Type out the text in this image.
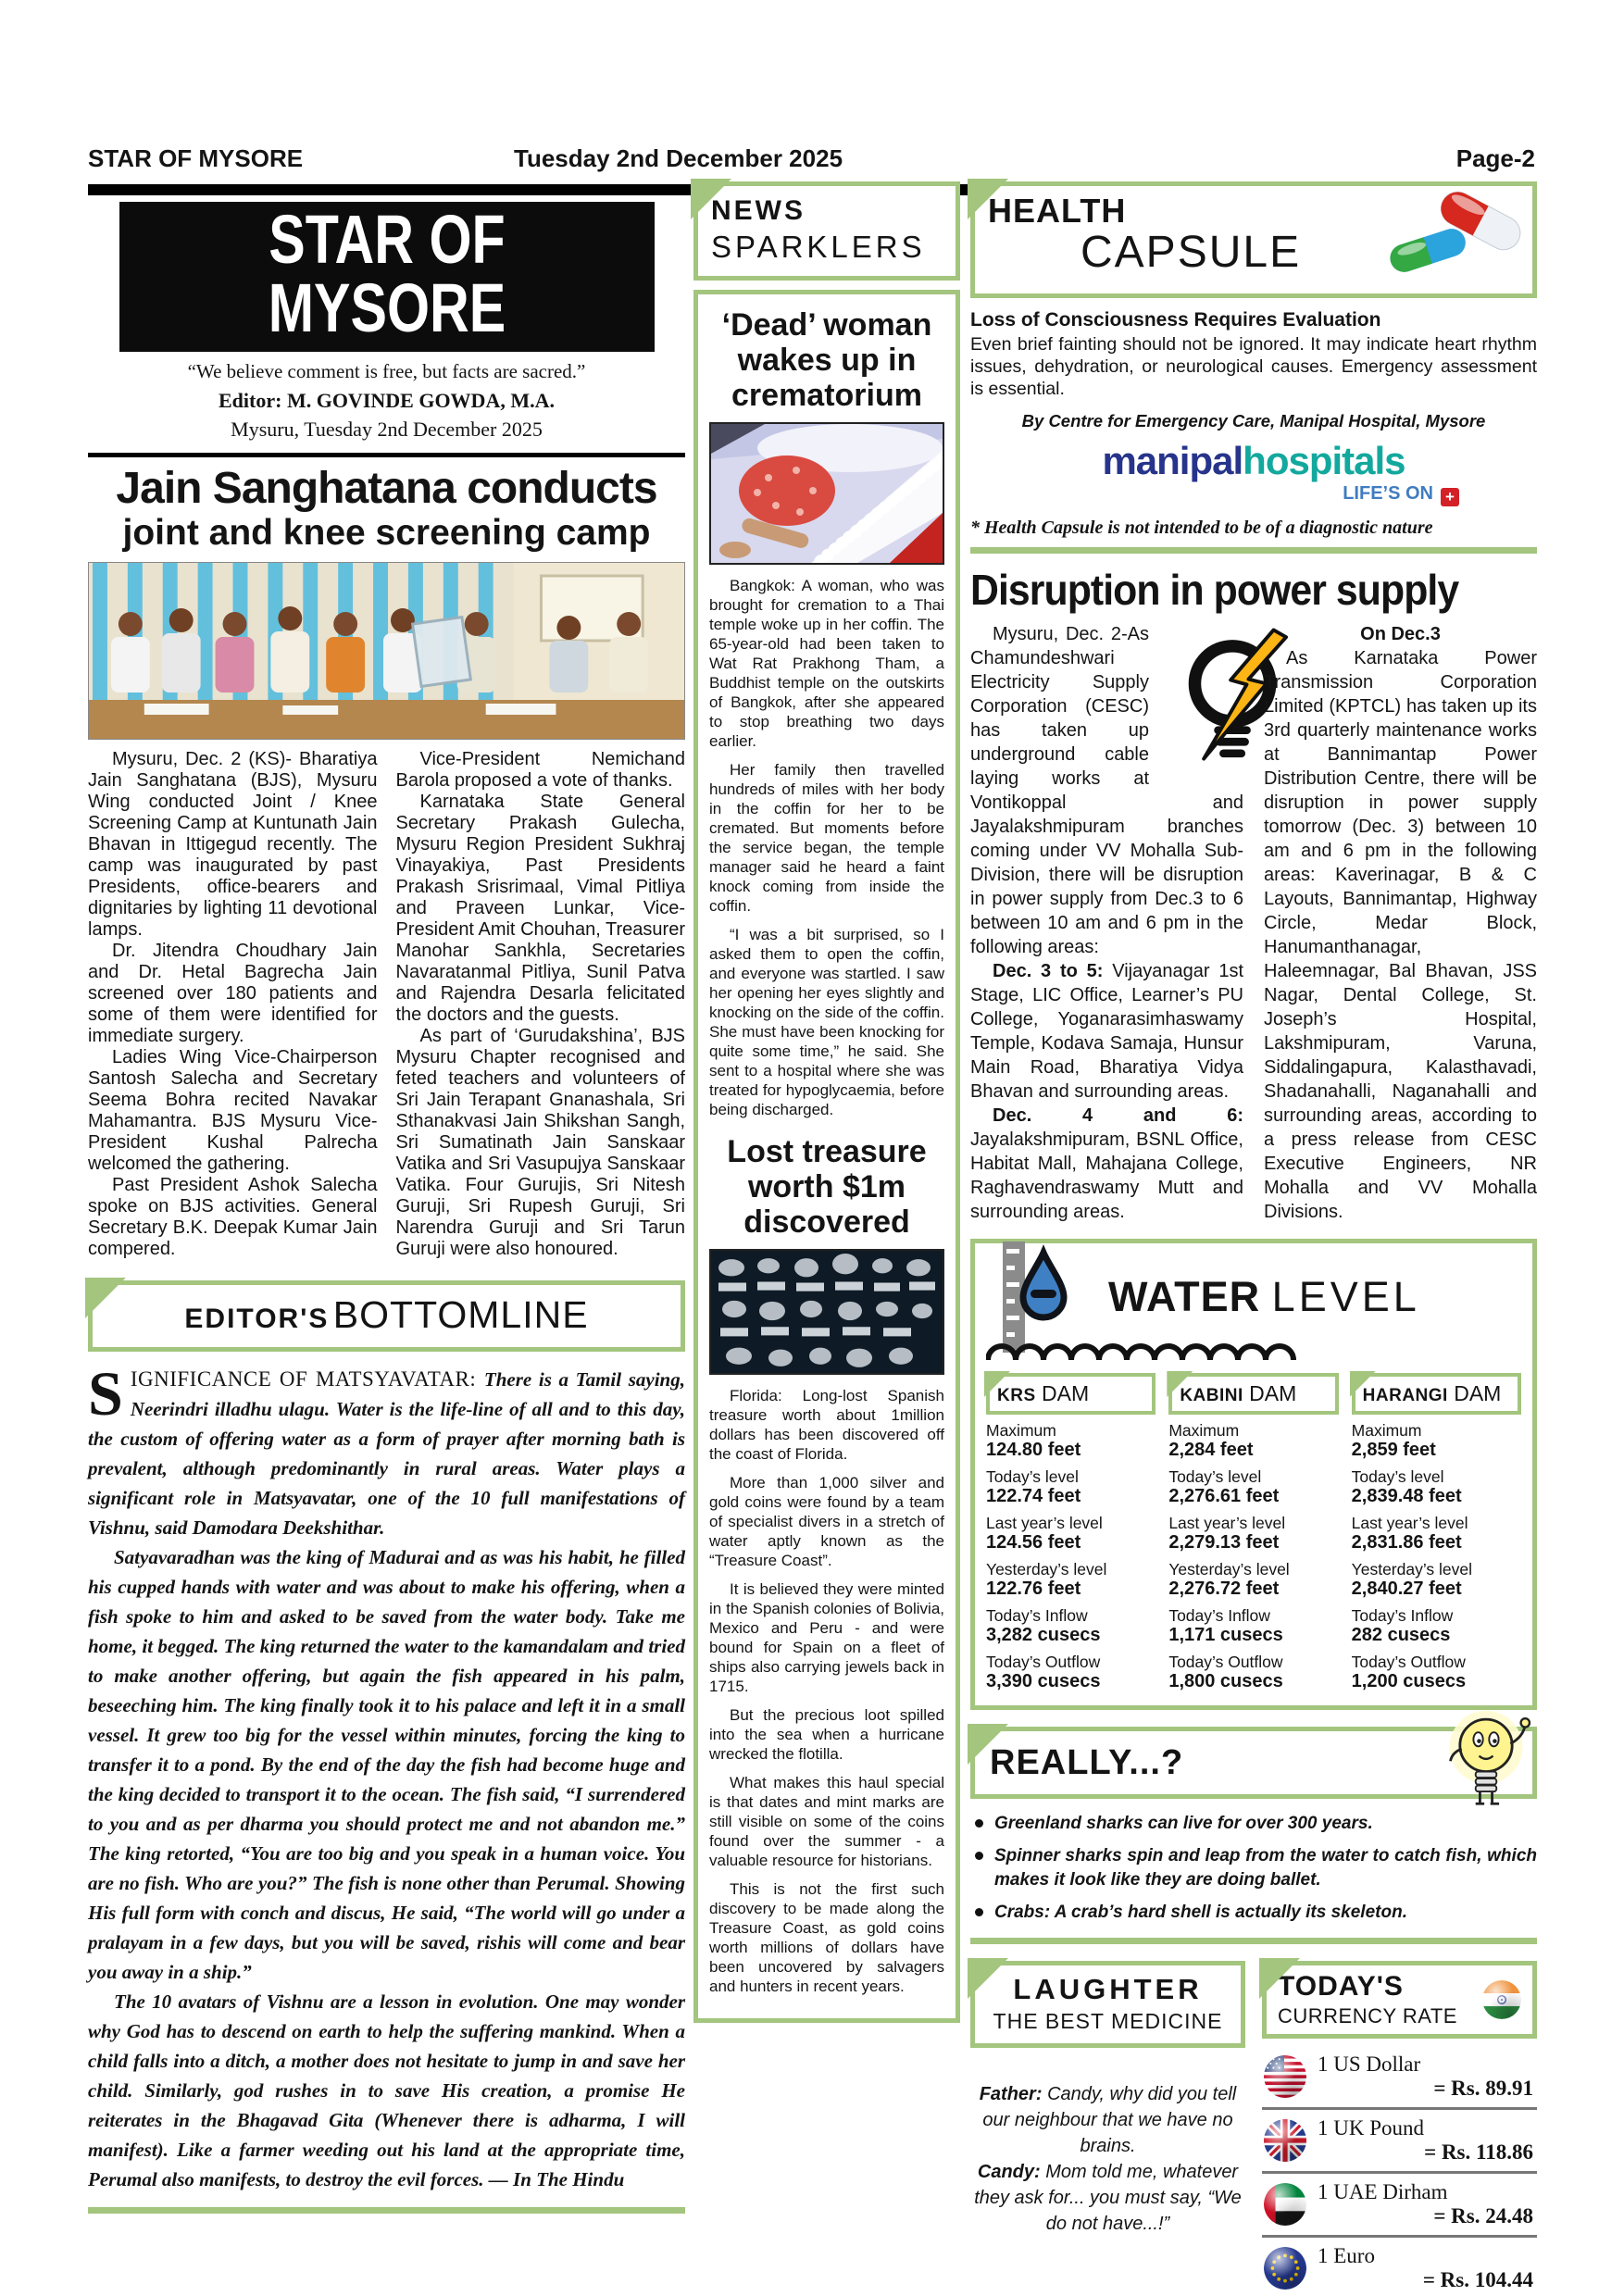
STAR OF MYSORE	Tuesday 2nd December 2025	Page-2
STAR OF MYSORE
“We believe comment is free, but facts are sacred.”
Editor: M. GOVINDE GOWDA, M.A.
Mysuru, Tuesday 2nd December 2025
Jain Sanghatana conducts
joint and knee screening camp

Mysuru, Dec. 2 (KS)- Bharatiya Jain Sanghatana (BJS), Mysuru Wing conducted Joint / Knee Screening Camp at Kuntunath Jain Bhavan in Ittigegud recently. The camp was inaugurated by past Presidents, office-bearers and dignitaries by lighting 11 devotional lamps.

Dr. Jitendra Choudhary Jain and Dr. Hetal Bagrecha Jain screened over 180 patients and some of them were identified for immediate surgery.

Ladies Wing Vice-Chairperson Santosh Salecha and Secretary Seema Bohra recited Navakar Mahamantra. BJS Mysuru Vice-President Kushal Palrecha welcomed the gathering.

Past President Ashok Salecha spoke on BJS activities. General Secretary B.K. Deepak Kumar Jain compered.

Vice-President Nemichand Barola proposed a vote of thanks.

Karnataka State General Secretary Prakash Gulecha, Mysuru Region President Sukhraj Vinayakiya, Past Presidents Prakash Srisrimaal, Vimal Pitliya and Praveen Lunkar, Vice-President Amit Chouhan, Treasurer Manohar Sankhla, Secretaries Navaratanmal Pitliya, Sunil Patva and Rajendra Desarla felicitated the doctors and the guests.

As part of ‘Gurudakshina’, BJS Mysuru Chapter recognised and feted teachers and volunteers of Sri Jain Terapant Gnanashala, Sri Sthanakvasi Jain Shikshan Sangh, Sri Sumatinath Jain Sanskaar Vatika and Sri Vasupujya Sanskaar Vatika. Four Gurujis, Sri Nitesh Guruji, Sri Rupesh Guruji, Sri Narendra Guruji and Sri Tarun Guruji were also honoured.

EDITOR'S BOTTOMLINE

SIGNIFICANCE OF MATSYAVATAR: There is a Tamil saying, Neerindri illadhu ulagu. Water is the life-line of all and to this day, the custom of offering water as a form of prayer after morning bath is prevalent, although predominantly in rural areas. Water plays a significant role in Matsyavatar, one of the 10 full manifestations of Vishnu, said Damodara Deekshithar.

Satyavaradhan was the king of Madurai and as was his habit, he filled his cupped hands with water and was about to make his offering, when a fish spoke to him and asked to be saved from the water body. Take me home, it begged. The king returned the water to the kamandalam and tried to make another offering, but again the fish appeared in his palm, beseeching him. The king finally took it to his palace and left it in a small vessel. It grew too big for the vessel within minutes, forcing the king to transfer it to a pond. By the end of the day the fish had become huge and the king decided to transport it to the ocean. The fish said, “I surrendered to you and as per dharma you should protect me and not abandon me.” The king retorted, “You are too big and you speak in a human voice. You are no fish. Who are you?” The fish is none other than Perumal. Showing His full form with conch and discus, He said, “The world will go under a pralayam in a few days, but you will be saved, rishis will come and bear you away in a ship.”

The 10 avatars of Vishnu are a lesson in evolution. One may wonder why God has to descend on earth to help the suffering mankind. When a child falls into a ditch, a mother does not hesitate to jump in and save her child. Similarly, god rushes in to save His creation, a promise He reiterates in the Bhagavad Gita (Whenever there is adharma, I will manifest). Like a farmer weeding out his land at the appropriate time, Perumal also manifests, to destroy the evil forces. — In The Hindu

NEWS
SPARKLERS
‘Dead’ woman wakes up in crematorium

Bangkok: A woman, who was brought for cremation to a Thai temple woke up in her coffin. The 65-year-old had been taken to Wat Rat Prakhong Tham, a Buddhist temple on the outskirts of Bangkok, after she appeared to stop breathing two days earlier.

Her family then travelled hundreds of miles with her body in the coffin for her to be cremated. But moments before the service began, the temple manager said he heard a faint knock coming from inside the coffin.

“I was a bit surprised, so I asked them to open the coffin, and everyone was startled. I saw her opening her eyes slightly and knocking on the side of the coffin. She must have been knocking for quite some time,” he said. She sent to a hospital where she was treated for hypoglycaemia, before being discharged.

Lost treasure worth $1m discovered

Florida: Long-lost Spanish treasure worth about 1million dollars has been discovered off the coast of Florida.

More than 1,000 silver and gold coins were found by a team of specialist divers in a stretch of water aptly known as the “Treasure Coast”.

It is believed they were minted in the Spanish colonies of Bolivia, Mexico and Peru - and were bound for Spain on a fleet of ships also carrying jewels back in 1715.

But the precious loot spilled into the sea when a hurricane wrecked the flotilla.

What makes this haul special is that dates and mint marks are still visible on some of the coins found over the summer - a valuable resource for historians.

This is not the first such discovery to be made along the Treasure Coast, as gold coins worth millions of dollars have been uncovered by salvagers and hunters in recent years.

HEALTH
CAPSULE
Loss of Consciousness Requires Evaluation
Even brief fainting should not be ignored. It may indicate heart rhythm issues, dehydration, or neurological causes. Emergency assessment is essential.
By Centre for Emergency Care, Manipal Hospital, Mysore
manipalhospitals
LIFE’S ON +
* Health Capsule is not intended to be of a diagnostic nature
Disruption in power supply

Mysuru, Dec. 2-As Chamundeshwari Electricity Supply Corporation (CESC) has taken up underground cable laying works at Vontikoppal and Jayalakshmipuram branches coming under VV Mohalla Sub-Division, there will be disruption in power supply from Dec.3 to 6 between 10 am and 6 pm in the following areas:

Dec. 3 to 5: Vijayanagar 1st Stage, LIC Office, Learner’s PU College, Yoganarasimhaswamy Temple, Kodava Samaja, Hunsur Main Road, Bharatiya Vidya Bhavan and surrounding areas.

Dec. 4 and 6: Jayalakshmipuram, BSNL Office, Habitat Mall, Mahajana College, Raghavendraswamy Mutt and surrounding areas.

On Dec.3

As Karnataka Power Transmission Corporation Limited (KPTCL) has taken up its 3rd quarterly maintenance works at Bannimantap Power Distribution Centre, there will be disruption in power supply tomorrow (Dec. 3) between 10 am and 6 pm in the following areas: Kaverinagar, B & C Layouts, Bannimantap, Highway Circle, Medar Block, Hanumanthanagar, Haleemnagar, Bal Bhavan, JSS Nagar, Dental College, St. Joseph’s Hospital, Lakshmipuram, Varuna, Siddalingapura, Kalasthavadi, Shadanahalli, Naganahalli and surrounding areas, according to a press release from CESC Executive Engineers, NR Mohalla and VV Mohalla Divisions.

WATER LEVEL
KRS DAM
Maximum
124.80 feet
Today’s level
122.74 feet
Last year’s level
124.56 feet
Yesterday’s level
122.76 feet
Today’s Inflow
3,282 cusecs
Today’s Outflow
3,390 cusecs
KABINI DAM
Maximum
2,284 feet
Today’s level
2,276.61 feet
Last year’s level
2,279.13 feet
Yesterday’s level
2,276.72 feet
Today’s Inflow
1,171 cusecs
Today’s Outflow
1,800 cusecs
HARANGI DAM
Maximum
2,859 feet
Today’s level
2,839.48 feet
Last year’s level
2,831.86 feet
Yesterday’s level
2,840.27 feet
Today’s Inflow
282 cusecs
Today’s Outflow
1,200 cusecs
REALLY...?
Greenland sharks can live for over 300 years.
Spinner sharks spin and leap from the water to catch fish, which makes it look like they are doing ballet.
Crabs: A crab’s hard shell is actually its skeleton.
LAUGHTER
THE BEST MEDICINE

Father: Candy, why did you tell our neighbour that we have no brains.

Candy: Mom told me, whatever they ask for... you must say, “We do not have...!”

TODAY'S
CURRENCY RATE
1 US Dollar
= Rs. 89.91
1 UK Pound
= Rs. 118.86
1 UAE Dirham
= Rs. 24.48
1 Euro
= Rs. 104.44
